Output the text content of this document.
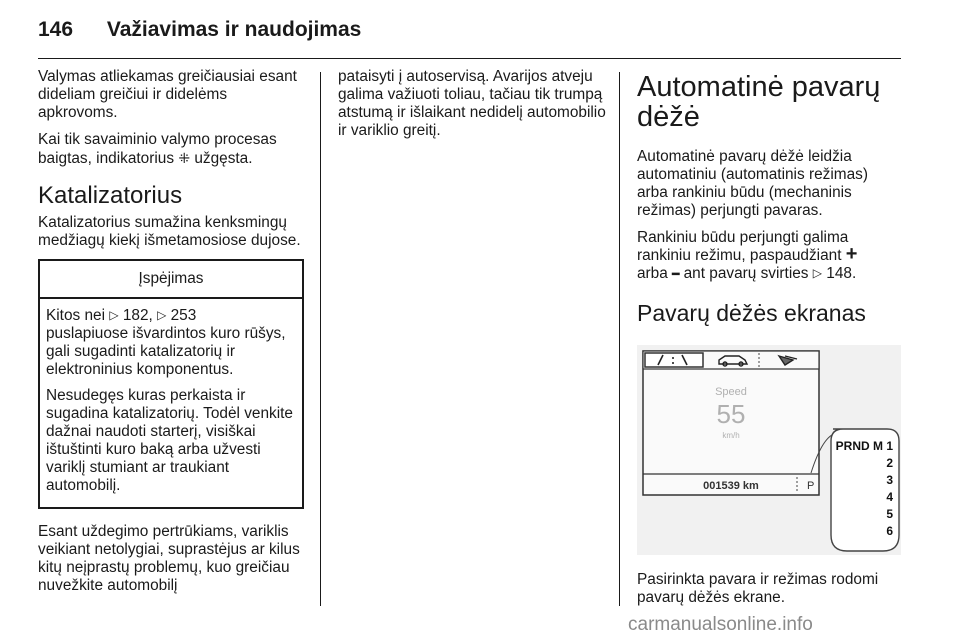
146 Važiavimas ir naudojimas

Valymas atliekamas greičiausiai esant dideliam greičiui ir didelėms apkrovoms.

Kai tik savaiminio valymo procesas baigtas, indikatorius ⁜ užgęsta.

Katalizatorius

Katalizatorius sumažina kenksmingų medžiagų kiekį išmetamosiose dujose.

Įspėjimas

Kitos nei ▷ 182, ▷ 253
puslapiuose išvardintos kuro rūšys, gali sugadinti katalizatorių ir elektroninius komponentus.

Nesudegęs kuras perkaista ir sugadina katalizatorių. Todėl venkite dažnai naudoti starterį, visiškai ištuštinti kuro baką arba užvesti variklį stumiant ar traukiant automobilį.

Esant uždegimo pertrūkiams, variklis veikiant netolygiai, suprastėjus ar kilus kitų neįprastų problemų, kuo greičiau nuvežkite automobilį

pataisyti į autoservisą. Avarijos atveju galima važiuoti toliau, tačiau tik trumpą atstumą ir išlaikant nedidelį automobilio ir variklio greitį.

Automatinė pavarų dėžė

Automatinė pavarų dėžė leidžia automatiniu (automatinis režimas) arba rankiniu būdu (mechaninis režimas) perjungti pavaras.

Rankiniu būdu perjungti galima rankiniu režimu, paspaudžiant +
arba ━ ant pavarų svirties ▷ 148.

Pavarų dėžės ekranas
Speed
55
km/h
001539 km	P
PRND M 1
2
3
4
5
6

Pasirinkta pavara ir režimas rodomi pavarų dėžės ekrane.

carmanualsonline.info
